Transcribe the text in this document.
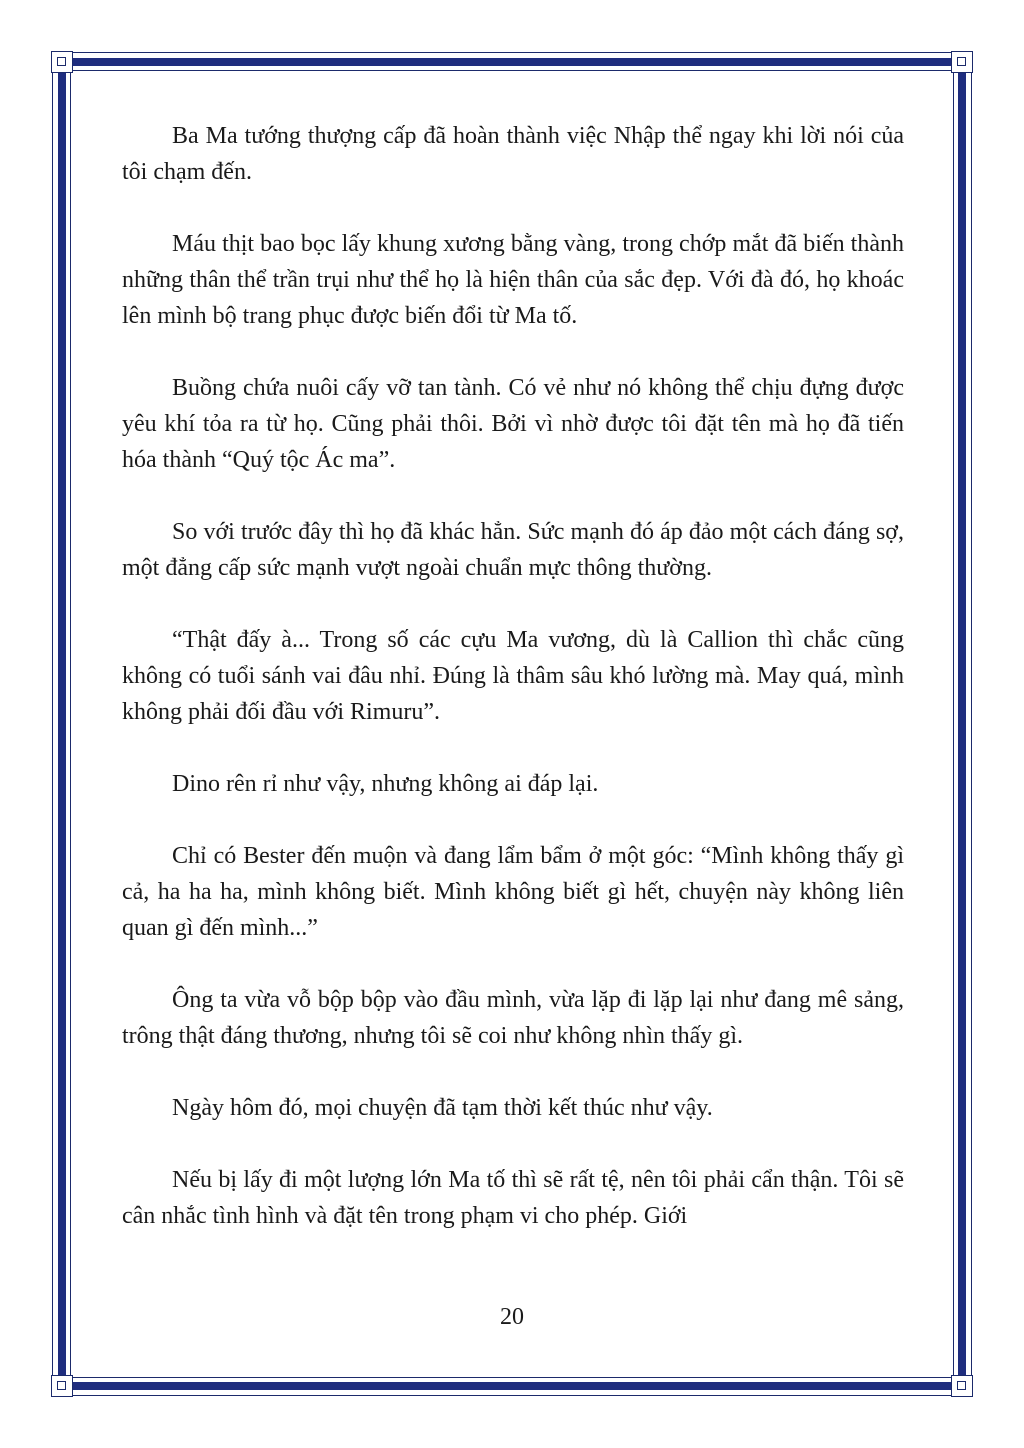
Ba Ma tướng thượng cấp đã hoàn thành việc Nhập thể ngay khi lời nói của tôi chạm đến.

Máu thịt bao bọc lấy khung xương bằng vàng, trong chớp mắt đã biến thành những thân thể trần trụi như thể họ là hiện thân của sắc đẹp. Với đà đó, họ khoác lên mình bộ trang phục được biến đổi từ Ma tố.

Buồng chứa nuôi cấy vỡ tan tành. Có vẻ như nó không thể chịu đựng được yêu khí tỏa ra từ họ. Cũng phải thôi. Bởi vì nhờ được tôi đặt tên mà họ đã tiến hóa thành “Quý tộc Ác ma”.

So với trước đây thì họ đã khác hẳn. Sức mạnh đó áp đảo một cách đáng sợ, một đẳng cấp sức mạnh vượt ngoài chuẩn mực thông thường.

“Thật đấy à... Trong số các cựu Ma vương, dù là Callion thì chắc cũng không có tuổi sánh vai đâu nhỉ. Đúng là thâm sâu khó lường mà. May quá, mình không phải đối đầu với Rimuru”.

Dino rên rỉ như vậy, nhưng không ai đáp lại.

Chỉ có Bester đến muộn và đang lẩm bẩm ở một góc: “Mình không thấy gì cả, ha ha ha, mình không biết. Mình không biết gì hết, chuyện này không liên quan gì đến mình...”

Ông ta vừa vỗ bộp bộp vào đầu mình, vừa lặp đi lặp lại như đang mê sảng, trông thật đáng thương, nhưng tôi sẽ coi như không nhìn thấy gì.

Ngày hôm đó, mọi chuyện đã tạm thời kết thúc như vậy.

Nếu bị lấy đi một lượng lớn Ma tố thì sẽ rất tệ, nên tôi phải cẩn thận. Tôi sẽ cân nhắc tình hình và đặt tên trong phạm vi cho phép. Giới

20
